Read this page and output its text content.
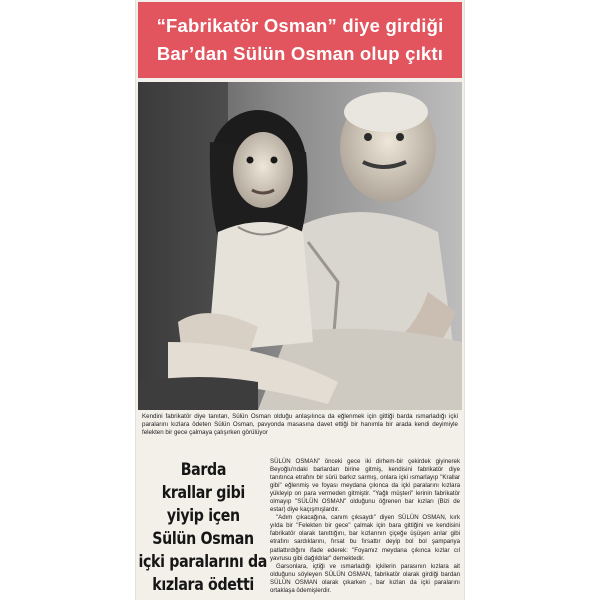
“Fabrikatör Osman” diye girdiği
Bar’dan Sülün Osman olup çıktı
Kendini fabrikatör diye tanıtan, Sülün Osman olduğu anlaşılınca da eğlenmek için gittiği barda ısmarladığı içki paralarını kızlara ödeten Sülün Osman, pavyonda masasına davet ettiği bir hanımla bir arada kendi deyimiyle felekten bir gece çalmaya çalışırken görülüyor
Barda
krallar gibi
yiyip içen
Sülün Osman
içki paralarını da
kızlara ödetti

SÜLÜN OSMAN” önceki gece iki dirhem-bir çekirdek giyinerek Beyoğlu'ndaki barlardan birine gitmiş, kendisini fabrikatör diye tanıtınca etrafını bir sürü barkız sarmış, onlara içki ısmarlayıp "Krallar gibi" eğlenmiş ve foyası meydana çıkınca da içki paralarını kızlara yükleyip on para vermeden gitmiştir. "Yağlı müşteri" lerinin fabrikatör olmayıp "SÜLÜN OSMAN" olduğunu öğrenen bar kızları (Bizi de estar) diye kaçışmışlardır.

"Adım çıkacağına, canım çıksaydı" diyen SÜLÜN OSMAN, kırk yılda bir "Felekten bir gece" çalmak için bara gittiğini ve kendisini fabrikatör olarak tanıttığını, bar kızlarının çiçeğe üşüşen arılar gibi etrafını sardıklarını, fırsat bu fırsattır deyip bol bol şampanya patlattırdığını ifade ederek: "Foyamız meydana çıkınca kızlar cıl yavrusu gibi dağıldılar" demektedir.

Garsonlara, içtiği ve ısmarladığı içkilerin parasının kızlara ait olduğunu söyleyen SÜLÜN OSMAN, fabrikatör olarak girdiği bardan SÜLÜN OSMAN olarak çıkarken , bar kızları da içki paralarını ortaklaşa ödemişlerdir.
